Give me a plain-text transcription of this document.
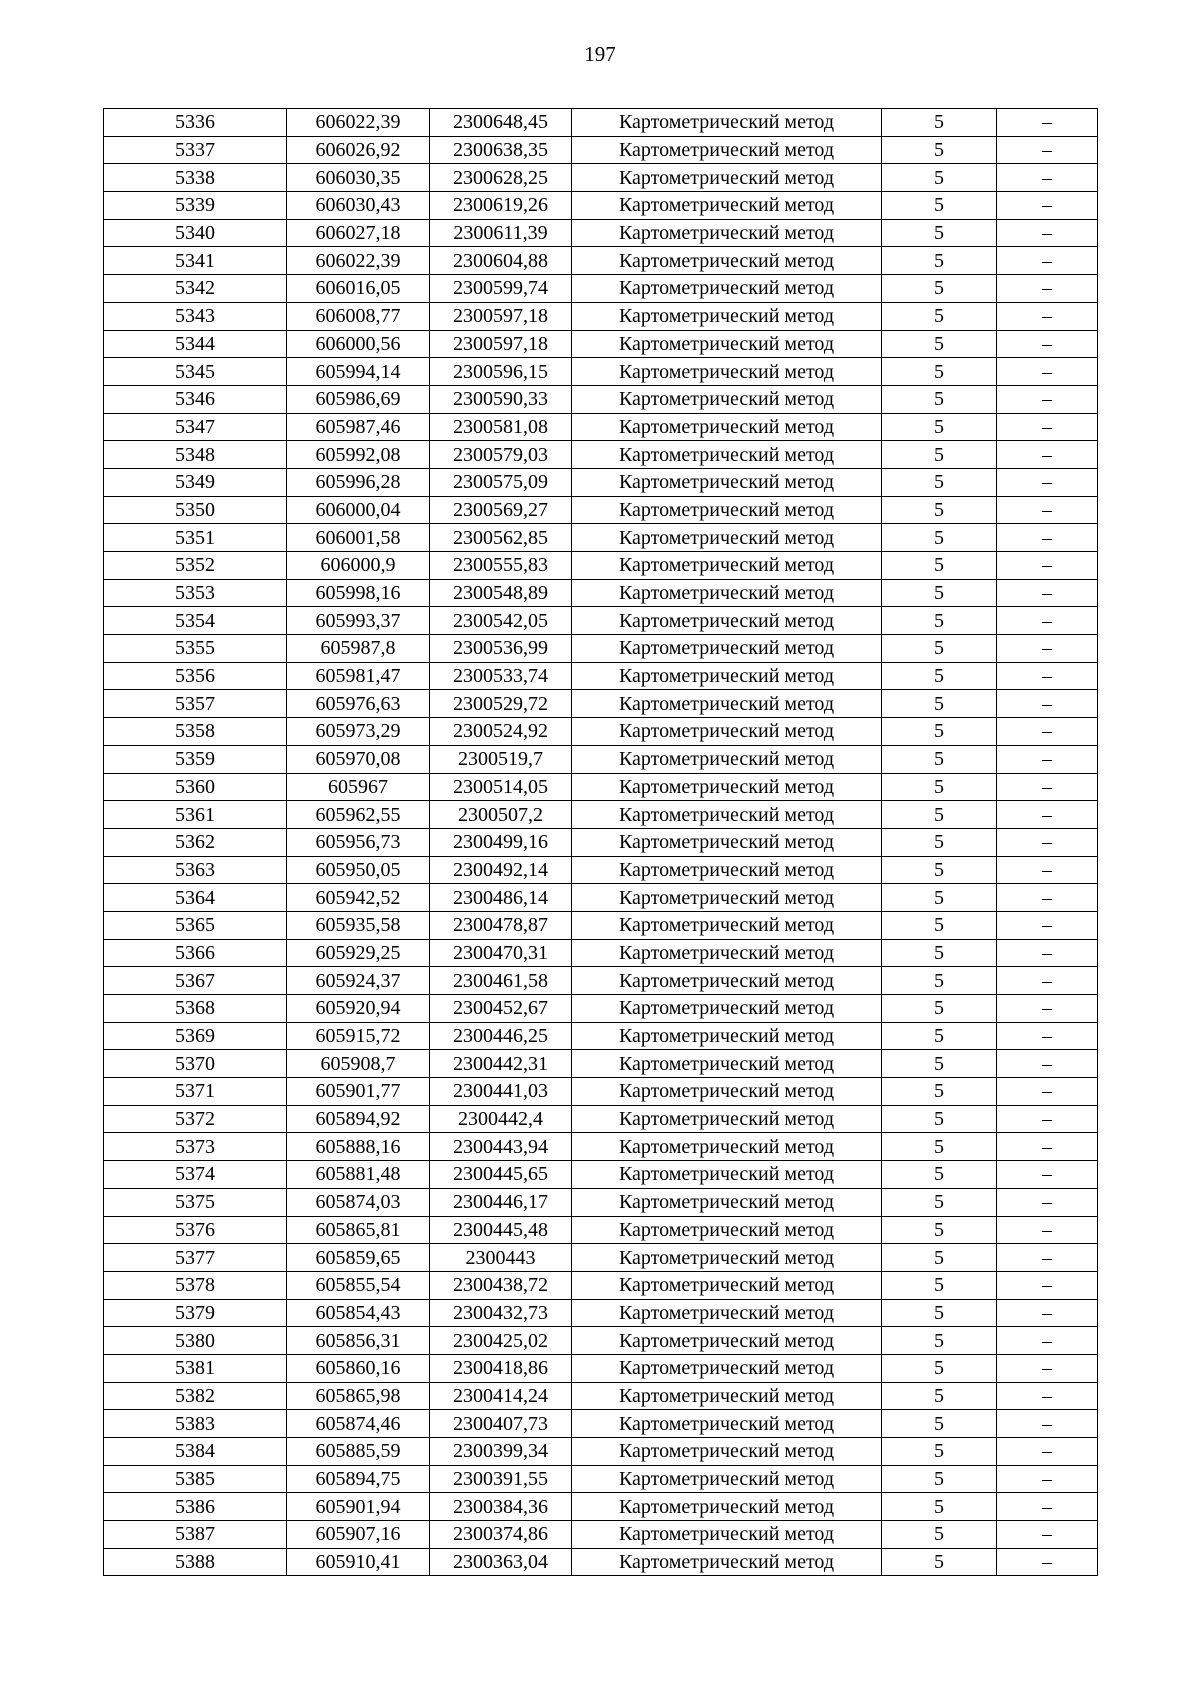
197
5336	606022,39	2300648,45	Картометрический метод	5	–
5337	606026,92	2300638,35	Картометрический метод	5	–
5338	606030,35	2300628,25	Картометрический метод	5	–
5339	606030,43	2300619,26	Картометрический метод	5	–
5340	606027,18	2300611,39	Картометрический метод	5	–
5341	606022,39	2300604,88	Картометрический метод	5	–
5342	606016,05	2300599,74	Картометрический метод	5	–
5343	606008,77	2300597,18	Картометрический метод	5	–
5344	606000,56	2300597,18	Картометрический метод	5	–
5345	605994,14	2300596,15	Картометрический метод	5	–
5346	605986,69	2300590,33	Картометрический метод	5	–
5347	605987,46	2300581,08	Картометрический метод	5	–
5348	605992,08	2300579,03	Картометрический метод	5	–
5349	605996,28	2300575,09	Картометрический метод	5	–
5350	606000,04	2300569,27	Картометрический метод	5	–
5351	606001,58	2300562,85	Картометрический метод	5	–
5352	606000,9	2300555,83	Картометрический метод	5	–
5353	605998,16	2300548,89	Картометрический метод	5	–
5354	605993,37	2300542,05	Картометрический метод	5	–
5355	605987,8	2300536,99	Картометрический метод	5	–
5356	605981,47	2300533,74	Картометрический метод	5	–
5357	605976,63	2300529,72	Картометрический метод	5	–
5358	605973,29	2300524,92	Картометрический метод	5	–
5359	605970,08	2300519,7	Картометрический метод	5	–
5360	605967	2300514,05	Картометрический метод	5	–
5361	605962,55	2300507,2	Картометрический метод	5	–
5362	605956,73	2300499,16	Картометрический метод	5	–
5363	605950,05	2300492,14	Картометрический метод	5	–
5364	605942,52	2300486,14	Картометрический метод	5	–
5365	605935,58	2300478,87	Картометрический метод	5	–
5366	605929,25	2300470,31	Картометрический метод	5	–
5367	605924,37	2300461,58	Картометрический метод	5	–
5368	605920,94	2300452,67	Картометрический метод	5	–
5369	605915,72	2300446,25	Картометрический метод	5	–
5370	605908,7	2300442,31	Картометрический метод	5	–
5371	605901,77	2300441,03	Картометрический метод	5	–
5372	605894,92	2300442,4	Картометрический метод	5	–
5373	605888,16	2300443,94	Картометрический метод	5	–
5374	605881,48	2300445,65	Картометрический метод	5	–
5375	605874,03	2300446,17	Картометрический метод	5	–
5376	605865,81	2300445,48	Картометрический метод	5	–
5377	605859,65	2300443	Картометрический метод	5	–
5378	605855,54	2300438,72	Картометрический метод	5	–
5379	605854,43	2300432,73	Картометрический метод	5	–
5380	605856,31	2300425,02	Картометрический метод	5	–
5381	605860,16	2300418,86	Картометрический метод	5	–
5382	605865,98	2300414,24	Картометрический метод	5	–
5383	605874,46	2300407,73	Картометрический метод	5	–
5384	605885,59	2300399,34	Картометрический метод	5	–
5385	605894,75	2300391,55	Картометрический метод	5	–
5386	605901,94	2300384,36	Картометрический метод	5	–
5387	605907,16	2300374,86	Картометрический метод	5	–
5388	605910,41	2300363,04	Картометрический метод	5	–
